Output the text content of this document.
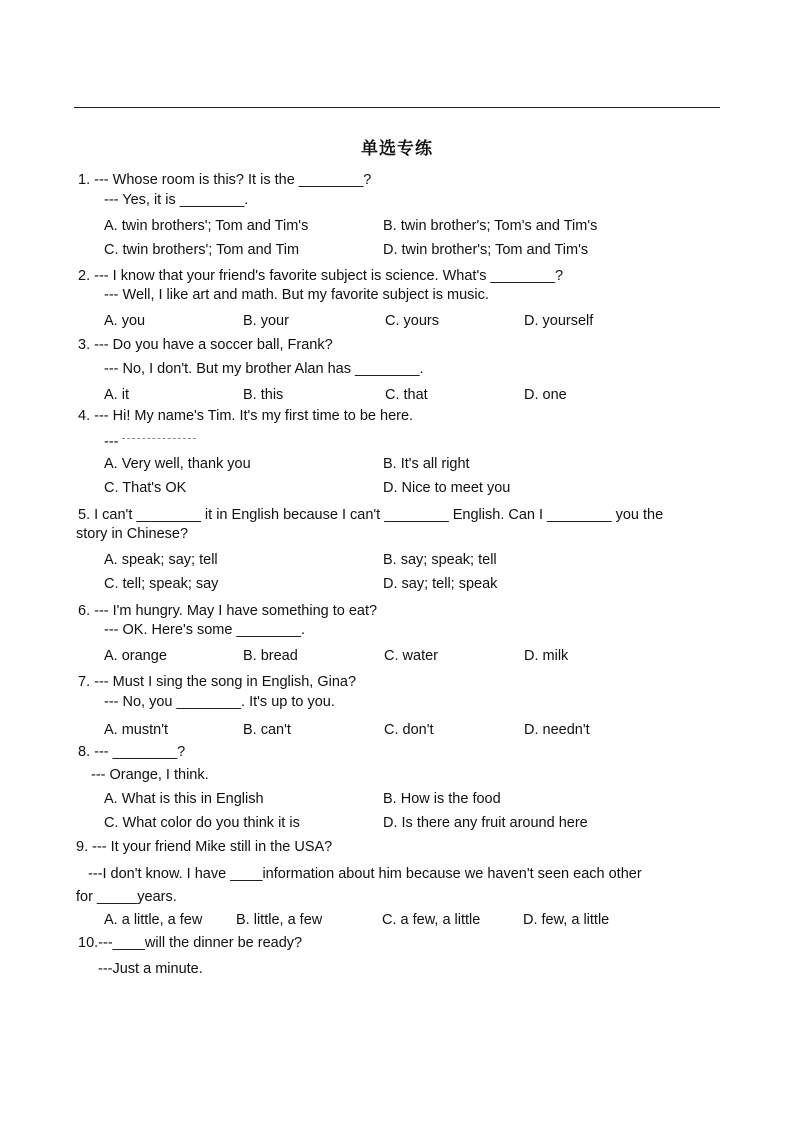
单选专练
1. --- Whose room is this? It is the ________?
--- Yes, it is ________.
A. twin brothers'; Tom and Tim's	B. twin brother's; Tom's and Tim's
C. twin brothers'; Tom and Tim	D. twin brother's; Tom and Tim's
2. --- I know that your friend's favorite subject is science. What's ________?
--- Well, I like art and math. But my favorite subject is music.
A. you	B. your	C. yours	D. yourself
3. --- Do you have a soccer ball, Frank?
--- No, I don't. But my brother Alan has ________.
A. it	B. this	C. that	D. one
4. --- Hi! My name's Tim. It's my first time to be here.
---
A. Very well, thank you	B. It's all right
C. That's OK	D. Nice to meet you
5. I can't ________ it in English because I can't ________ English. Can I ________ you the
story in Chinese?
A. speak; say; tell	B. say; speak; tell
C. tell; speak; say	D. say; tell; speak
6. --- I'm hungry. May I have something to eat?
--- OK. Here's some ________.
A. orange	B. bread	C. water	D. milk
7. --- Must I sing the song in English, Gina?
--- No, you ________. It's up to you.
A. mustn't	B. can't	C. don't	D. needn't
8. --- ________?
--- Orange, I think.
A. What is this in English	B. How is the food
C. What color do you think it is	D. Is there any fruit around here
9. --- It your friend Mike still in the USA?
---I don't know. I have ____information about him because we haven't seen each other
for _____years.
A. a little, a few B. little, a few	C. a few, a little	D. few, a little
10.---____will the dinner be ready?
---Just a minute.
